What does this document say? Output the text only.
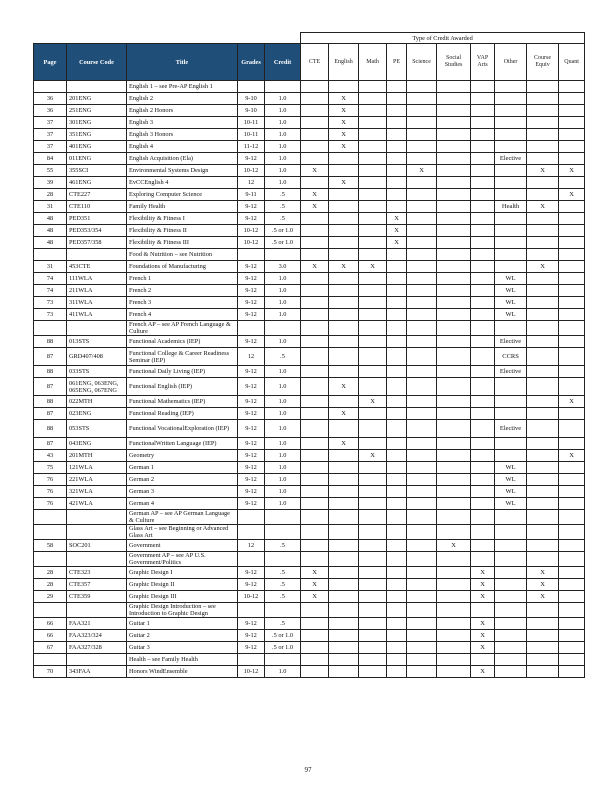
					Type of Credit Awarded									
Page	Course Code	Title	Grades	Credit	CTE	English	Math	PE	Science	Social Studies	VAP Arts	Other	Course Equiv	Quant
		English 1 – see Pre-AP English 1												
36	201ENG	English 2	9-10	1.0		X								
36	251ENG	English 2 Honors	9-10	1.0		X								
37	301ENG	English 3	10-11	1.0		X								
37	351ENG	English 3 Honors	10-11	1.0		X								
37	401ENG	English 4	11-12	1.0		X								
84	011ENG	English Acquisition (Ela)	9-12	1.0								Elective		
55	355SCI	Environmental Systems Design	10-12	1.0	X				X				X	X
39	461ENG	EvCCEnglish 4	12	1.0		X								
28	CTE227	Exploring Computer Science	9-11	.5	X									X
31	CTE110	Family Health	9-12	.5	X							Health	X	
48	PED351	Flexibility & Fitness I	9-12	.5				X						
48	PED353/354	Flexibility & Fitness II	10-12	.5 or 1.0				X						
48	PED357/358	Flexibility & Fitness III	10-12	.5 or 1.0				X						
		Food & Nutrition – see Nutrition												
31	453CTE	Foundations of Manufacturing	9-12	3.0	X	X	X						X	
74	111WLA	French 1	9-12	1.0								WL		
74	211WLA	French 2	9-12	1.0								WL		
73	311WLA	French 3	9-12	1.0								WL		
73	411WLA	French 4	9-12	1.0								WL		
		French AP – see AP French Language & Culture												
88	013STS	Functional Academics (IEP)	9-12	1.0								Elective		
87	GRD407/408	Functional College & Career Readiness Seminar (IEP)	12	.5								CCRS		
88	033STS	Functional Daily Living (IEP)	9-12	1.0								Elective		
87	061ENG, 063ENG, 065ENG, 067ENG	Functional English (IEP)	9-12	1.0		X								
88	022MTH	Functional Mathematics (IEP)	9-12	1.0			X							X
87	023ENG	Functional Reading (IEP)	9-12	1.0		X								
88	053STS	Functional VocationalExploration (IEP)	9-12	1.0								Elective		
87	043ENG	FunctionalWritten Language (IEP)	9-12	1.0		X								
43	201MTH	Geometry	9-12	1.0			X							X
75	121WLA	German 1	9-12	1.0								WL		
76	221WLA	German 2	9-12	1.0								WL		
76	321WLA	German 3	9-12	1.0								WL		
76	421WLA	German 4	9-12	1.0								WL		
		German AP – see AP German Language & Culture												
		Glass Art – see Beginning or Advanced Glass Art												
58	SOC201	Government	12	.5						X				
		Government AP – see AP U.S. Government/Politics												
28	CTE323	Graphic Design I	9-12	.5	X						X		X	
28	CTE357	Graphic Design II	9-12	.5	X						X		X	
29	CTE359	Graphic Design III	10-12	.5	X						X		X	
		Graphic Design Introduction – see Introduction to Graphic Design												
66	FAA321	Guitar 1	9-12	.5							X			
66	FAA323/324	Guitar 2	9-12	.5 or 1.0							X			
67	FAA327/328	Guitar 3	9-12	.5 or 1.0							X			
		Health – see Family Health												
70	343FAA	Honors WindEnsemble	10-12	1.0							X			
97
